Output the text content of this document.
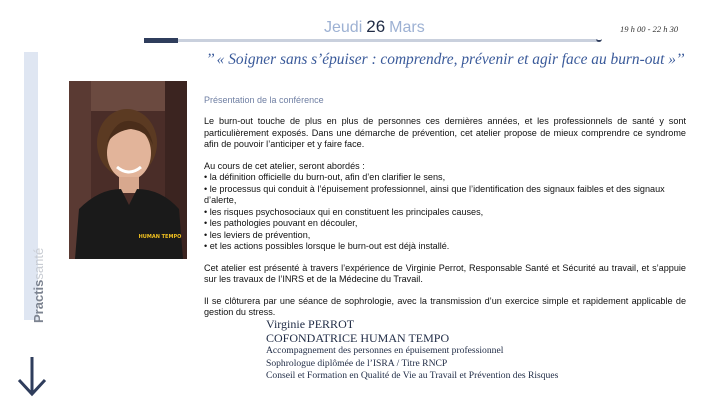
Jeudi 26 Mars	19 h 00 - 22 h 30
’’ « Soigner sans s’épuiser : comprendre, prévenir et agir face au burn-out »’’
Practissanté
HUMAN TEMPO
Présentation de la conférence

Le burn-out touche de plus en plus de personnes ces dernières années, et les professionnels de santé y sont particulièrement exposés. Dans une démarche de prévention, cet atelier propose de mieux comprendre ce syndrome afin de pouvoir l’anticiper et y faire face.

Au cours de cet atelier, seront abordés :
• la définition officielle du burn-out, afin d’en clarifier le sens,
• le processus qui conduit à l’épuisement professionnel, ainsi que l’identification des signaux faibles et des signaux d’alerte,
• les risques psychosociaux qui en constituent les principales causes,
• les pathologies pouvant en découler,
• les leviers de prévention,
• et les actions possibles lorsque le burn-out est déjà installé.

Cet atelier est présenté à travers l’expérience de Virginie Perrot, Responsable Santé et Sécurité au travail, et s’appuie sur les travaux de l’INRS et de la Médecine du Travail.

Il se clôturera par une séance de sophrologie, avec la transmission d’un exercice simple et rapidement applicable de gestion du stress.

Virginie PERROT
COFONDATRICE HUMAN TEMPO
Accompagnement des personnes en épuisement professionnel
Sophrologue diplômée de l’ISRA / Titre RNCP
Conseil et Formation en Qualité de Vie au Travail et Prévention des Risques
